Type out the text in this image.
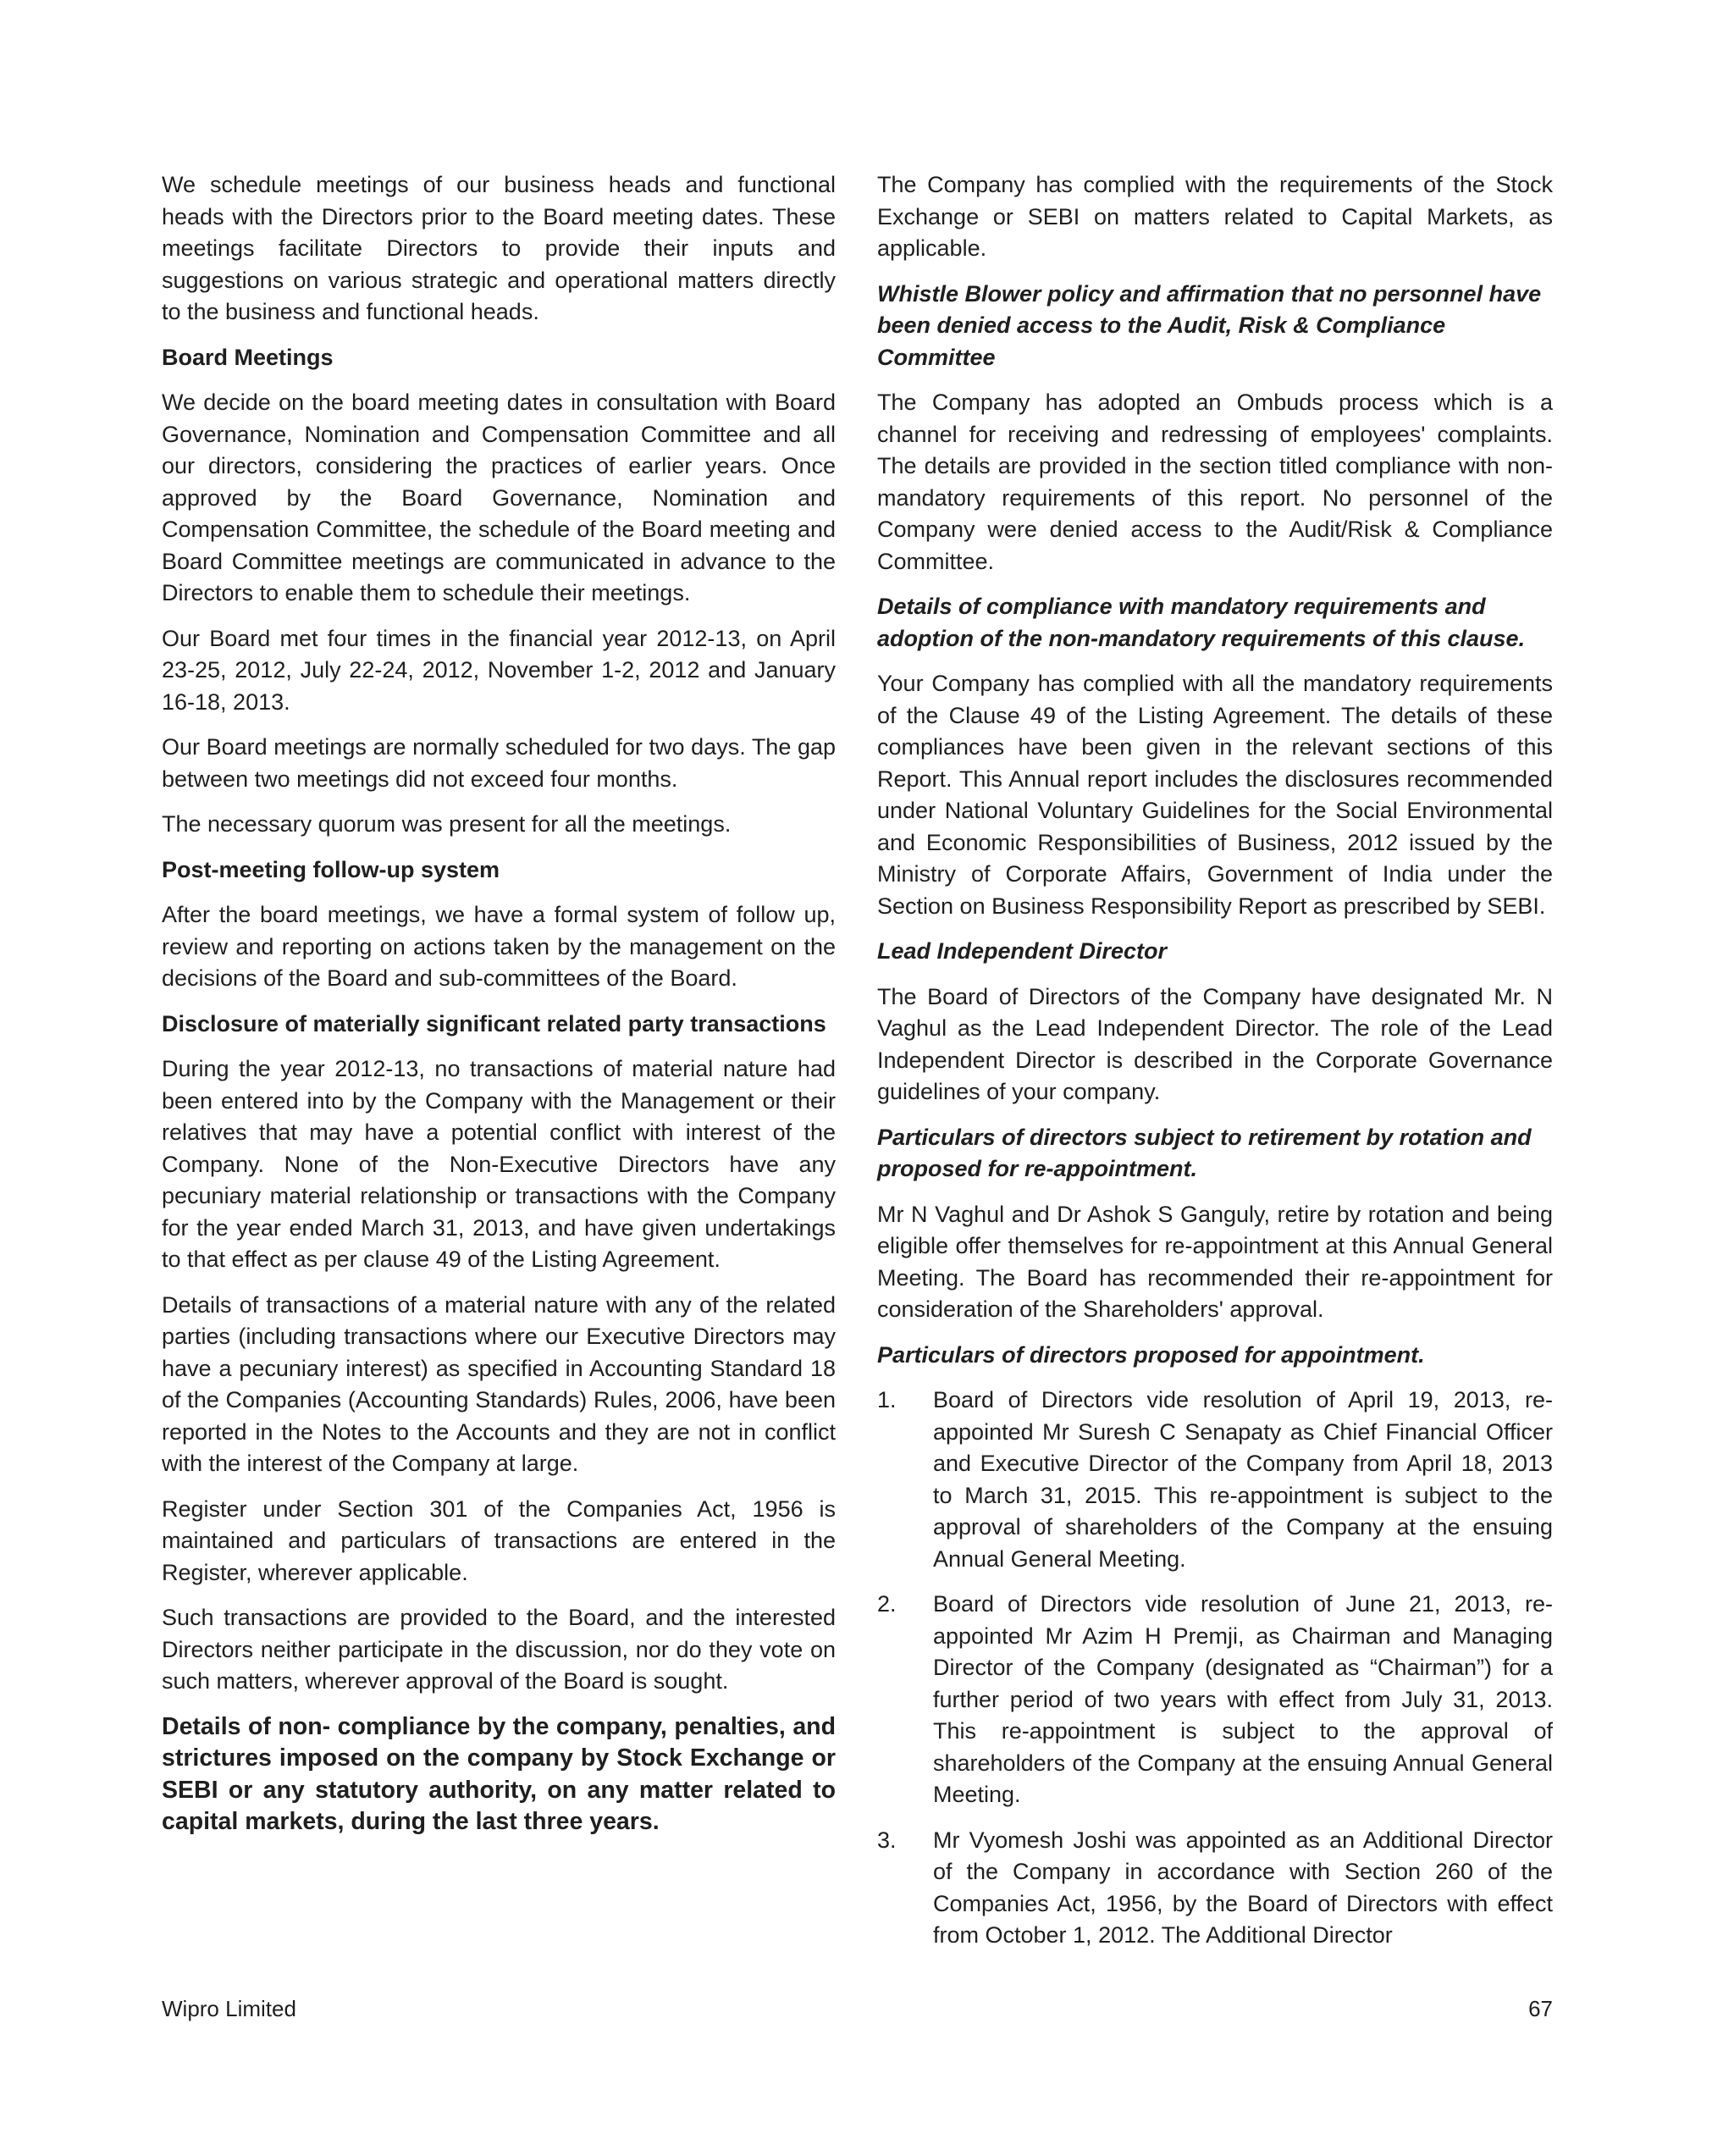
We schedule meetings of our business heads and functional heads with the Directors prior to the Board meeting dates. These meetings facilitate Directors to provide their inputs and suggestions on various strategic and operational matters directly to the business and functional heads.

Board Meetings

We decide on the board meeting dates in consultation with Board Governance, Nomination and Compensation Committee and all our directors, considering the practices of earlier years. Once approved by the Board Governance, Nomination and Compensation Committee, the schedule of the Board meeting and Board Committee meetings are communicated in advance to the Directors to enable them to schedule their meetings.

Our Board met four times in the financial year 2012-13, on April 23-25, 2012, July 22-24, 2012, November 1-2, 2012 and January 16-18, 2013.

Our Board meetings are normally scheduled for two days. The gap between two meetings did not exceed four months.

The necessary quorum was present for all the meetings.

Post-meeting follow-up system

After the board meetings, we have a formal system of follow up, review and reporting on actions taken by the management on the decisions of the Board and sub-committees of the Board.

Disclosure of materially significant related party transactions

During the year 2012-13, no transactions of material nature had been entered into by the Company with the Management or their relatives that may have a potential conflict with interest of the Company. None of the Non-Executive Directors have any pecuniary material relationship or transactions with the Company for the year ended March 31, 2013, and have given undertakings to that effect as per clause 49 of the Listing Agreement.

Details of transactions of a material nature with any of the related parties (including transactions where our Executive Directors may have a pecuniary interest) as specified in Accounting Standard 18 of the Companies (Accounting Standards) Rules, 2006, have been reported in the Notes to the Accounts and they are not in conflict with the interest of the Company at large.

Register under Section 301 of the Companies Act, 1956 is maintained and particulars of transactions are entered in the Register, wherever applicable.

Such transactions are provided to the Board, and the interested Directors neither participate in the discussion, nor do they vote on such matters, wherever approval of the Board is sought.

Details of non- compliance by the company, penalties, and strictures imposed on the company by Stock Exchange or SEBI or any statutory authority, on any matter related to capital markets, during the last three years.

The Company has complied with the requirements of the Stock Exchange or SEBI on matters related to Capital Markets, as applicable.

Whistle Blower policy and affirmation that no personnel have been denied access to the Audit, Risk & Compliance Committee

The Company has adopted an Ombuds process which is a channel for receiving and redressing of employees' complaints. The details are provided in the section titled compliance with non-mandatory requirements of this report. No personnel of the Company were denied access to the Audit/Risk & Compliance Committee.

Details of compliance with mandatory requirements and adoption of the non-mandatory requirements of this clause.

Your Company has complied with all the mandatory requirements of the Clause 49 of the Listing Agreement. The details of these compliances have been given in the relevant sections of this Report. This Annual report includes the disclosures recommended under National Voluntary Guidelines for the Social Environmental and Economic Responsibilities of Business, 2012 issued by the Ministry of Corporate Affairs, Government of India under the Section on Business Responsibility Report as prescribed by SEBI.

Lead Independent Director

The Board of Directors of the Company have designated Mr. N Vaghul as the Lead Independent Director. The role of the Lead Independent Director is described in the Corporate Governance guidelines of your company.

Particulars of directors subject to retirement by rotation and proposed for re-appointment.

Mr N Vaghul and Dr Ashok S Ganguly, retire by rotation and being eligible offer themselves for re-appointment at this Annual General Meeting. The Board has recommended their re-appointment for consideration of the Shareholders' approval.

Particulars of directors proposed for appointment.
1.	Board of Directors vide resolution of April 19, 2013, re-appointed Mr Suresh C Senapaty as Chief Financial Officer and Executive Director of the Company from April 18, 2013 to March 31, 2015. This re-appointment is subject to the approval of shareholders of the Company at the ensuing Annual General Meeting.
2.	Board of Directors vide resolution of June 21, 2013, re-appointed Mr Azim H Premji, as Chairman and Managing Director of the Company (designated as “Chairman”) for a further period of two years with effect from July 31, 2013. This re-appointment is subject to the approval of shareholders of the Company at the ensuing Annual General Meeting.
3.	Mr Vyomesh Joshi was appointed as an Additional Director of the Company in accordance with Section 260 of the Companies Act, 1956, by the Board of Directors with effect from October 1, 2012. The Additional Director
Wipro Limited	67
